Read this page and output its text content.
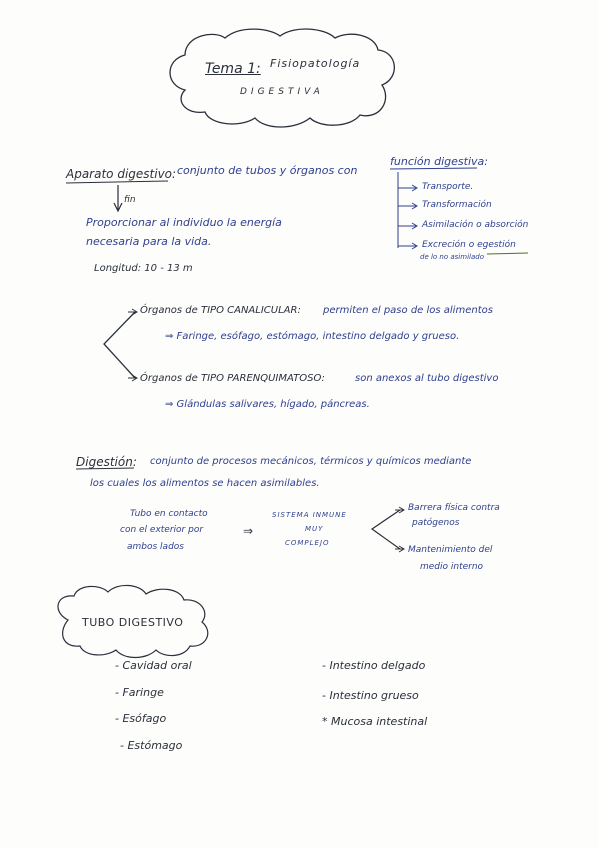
Tema 1: Fisiopatología
DIGESTIVA
Aparato digestivo: conjunto de tubos y órganos con
función digestiva:
fin
Transporte.
Transformación
Asimilación o absorción
Excreción o egestión
de lo no asimilado
Proporcionar al individuo la energía
necesaria para la vida.
Longitud: 10 - 13 m
Órganos de TIPO CANALICULAR: permiten el paso de los alimentos
⇒ Faringe, esófago, estómago, intestino delgado y grueso.
Órganos de TIPO PARENQUIMATOSO:	son anexos al tubo digestivo
⇒ Glándulas salivares, hígado, páncreas.
Digestión: conjunto de procesos mecánicos, térmicos y químicos mediante
los cuales los alimentos se hacen asimilables.
Tubo en contacto
con el exterior por
ambos lados
⇒
SISTEMA INMUNE
MUY
COMPLEJO
Barrera física contra
patógenos
Mantenimiento del
medio interno
TUBO DIGESTIVO
- Cavidad oral
- Faringe
- Esófago
- Estómago
- Intestino delgado
- Intestino grueso
* Mucosa intestinal
